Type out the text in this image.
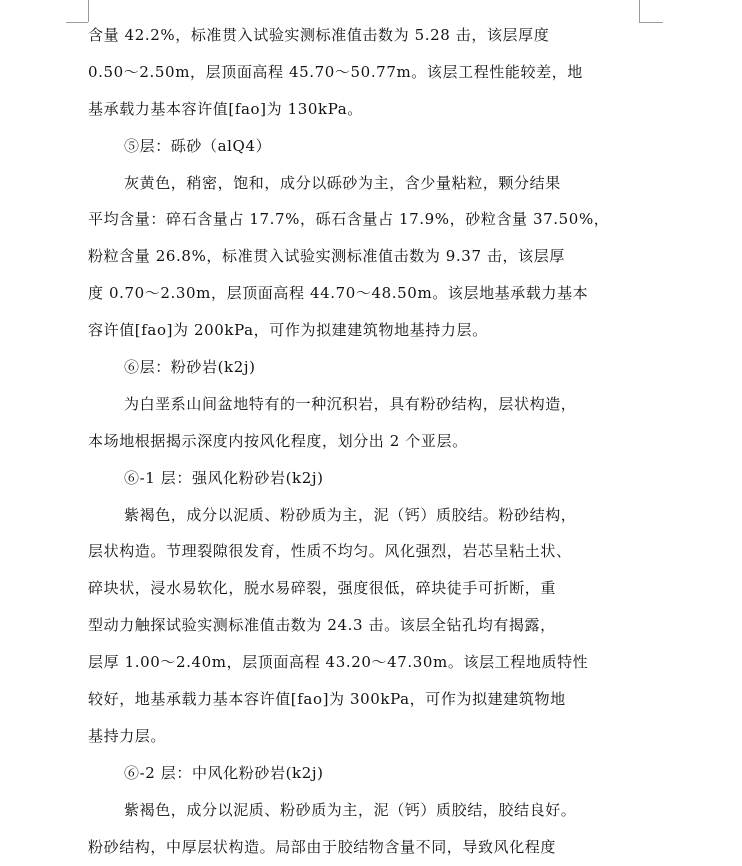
含量 42.2%，标准贯入试验实测标准值击数为 5.28 击，该层厚度
0.50～2.50m，层顶面高程 45.70～50.77m。该层工程性能较差，地
基承载力基本容许值[fao]为 130kPa。
⑤层：砾砂（alQ4）
灰黄色，稍密，饱和，成分以砾砂为主，含少量粘粒，颗分结果
平均含量：碎石含量占 17.7%，砾石含量占 17.9%，砂粒含量 37.50%，
粉粒含量 26.8%，标准贯入试验实测标准值击数为 9.37 击，该层厚
度 0.70～2.30m，层顶面高程 44.70～48.50m。该层地基承载力基本
容许值[fao]为 200kPa，可作为拟建建筑物地基持力层。
⑥层：粉砂岩(k2j)
为白垩系山间盆地特有的一种沉积岩，具有粉砂结构，层状构造，
本场地根据揭示深度内按风化程度，划分出 2 个亚层。
⑥-1 层：强风化粉砂岩(k2j)
紫褐色，成分以泥质、粉砂质为主，泥（钙）质胶结。粉砂结构，
层状构造。节理裂隙很发育，性质不均匀。风化强烈，岩芯呈粘土状、
碎块状，浸水易软化，脱水易碎裂，强度很低，碎块徒手可折断，重
型动力触探试验实测标准值击数为 24.3 击。该层全钻孔均有揭露，
层厚 1.00～2.40m，层顶面高程 43.20～47.30m。该层工程地质特性
较好，地基承载力基本容许值[fao]为 300kPa，可作为拟建建筑物地
基持力层。
⑥-2 层：中风化粉砂岩(k2j)
紫褐色，成分以泥质、粉砂质为主，泥（钙）质胶结，胶结良好。
粉砂结构，中厚层状构造。局部由于胶结物含量不同，导致风化程度
